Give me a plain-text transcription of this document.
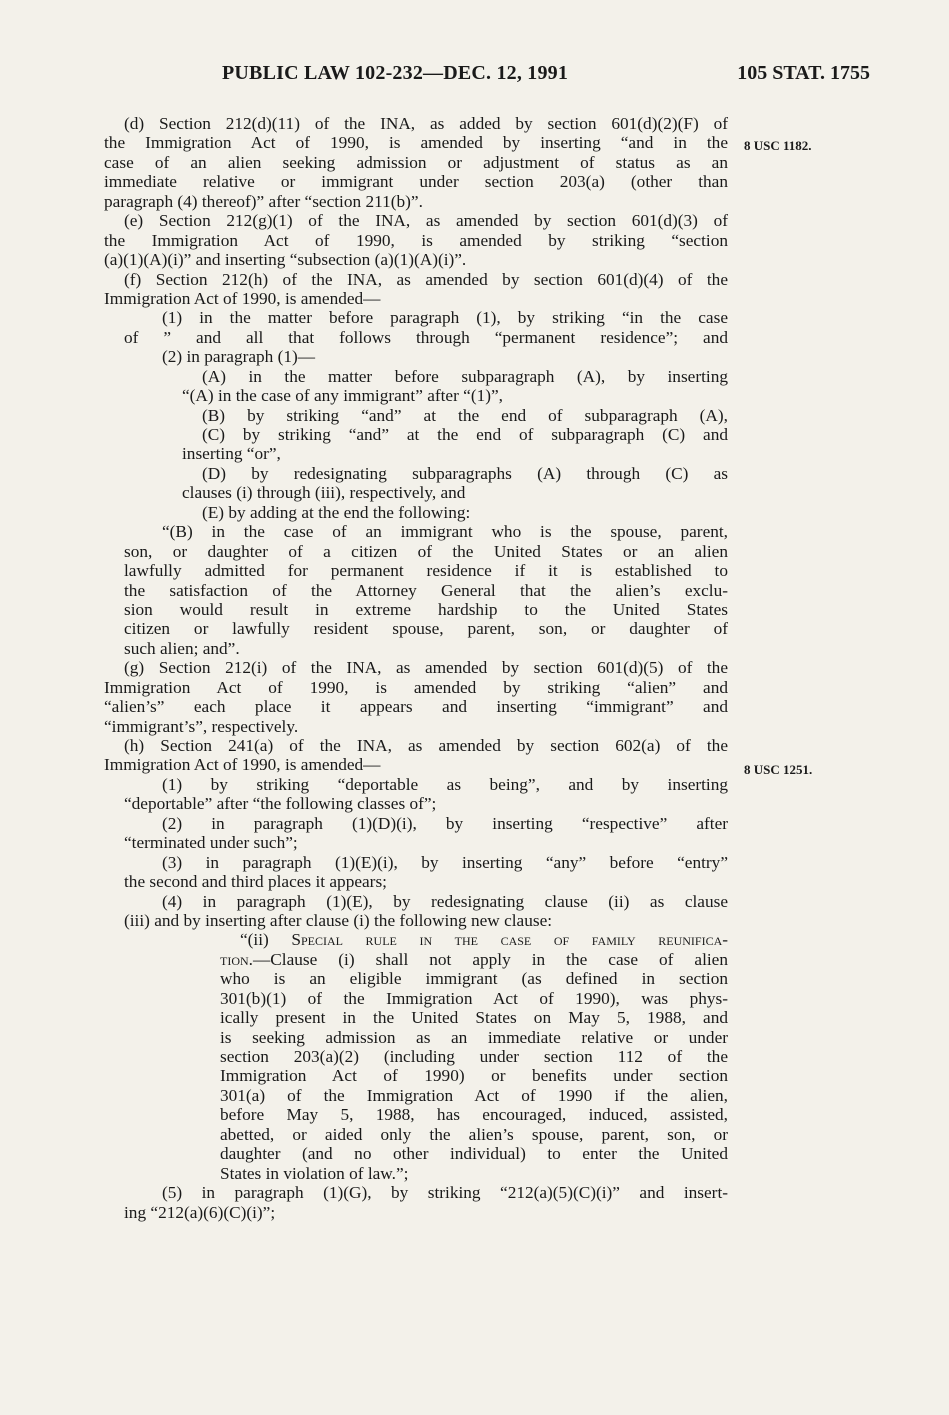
PUBLIC LAW 102-232—DEC. 12, 1991	105 STAT. 1755
(d) Section 212(d)(11) of the INA, as added by section 601(d)(2)(F) of
the Immigration Act of 1990, is amended by inserting “and in the
case of an alien seeking admission or adjustment of status as an
immediate relative or immigrant under section 203(a) (other than
paragraph (4) thereof)” after “section 211(b)”.
(e) Section 212(g)(1) of the INA, as amended by section 601(d)(3) of
the Immigration Act of 1990, is amended by striking “section
(a)(1)(A)(i)” and inserting “subsection (a)(1)(A)(i)”.
(f) Section 212(h) of the INA, as amended by section 601(d)(4) of the
Immigration Act of 1990, is amended—
(1) in the matter before paragraph (1), by striking “in the case
of ” and all that follows through “permanent residence”; and
(2) in paragraph (1)—
(A) in the matter before subparagraph (A), by inserting
“(A) in the case of any immigrant” after “(1)”,
(B) by striking “and” at the end of subparagraph (A),
(C) by striking “and” at the end of subparagraph (C) and
inserting “or”,
(D) by redesignating subparagraphs (A) through (C) as
clauses (i) through (iii), respectively, and
(E) by adding at the end the following:
“(B) in the case of an immigrant who is the spouse, parent,
son, or daughter of a citizen of the United States or an alien
lawfully admitted for permanent residence if it is established to
the satisfaction of the Attorney General that the alien’s exclu-
sion would result in extreme hardship to the United States
citizen or lawfully resident spouse, parent, son, or daughter of
such alien; and”.
(g) Section 212(i) of the INA, as amended by section 601(d)(5) of the
Immigration Act of 1990, is amended by striking “alien” and
“alien’s” each place it appears and inserting “immigrant” and
“immigrant’s”, respectively.
(h) Section 241(a) of the INA, as amended by section 602(a) of the
Immigration Act of 1990, is amended—
(1) by striking “deportable as being”, and by inserting
“deportable” after “the following classes of”;
(2) in paragraph (1)(D)(i), by inserting “respective” after
“terminated under such”;
(3) in paragraph (1)(E)(i), by inserting “any” before “entry”
the second and third places it appears;
(4) in paragraph (1)(E), by redesignating clause (ii) as clause
(iii) and by inserting after clause (i) the following new clause:
“(ii) Special rule in the case of family reunifica-
tion.—Clause (i) shall not apply in the case of alien
who is an eligible immigrant (as defined in section
301(b)(1) of the Immigration Act of 1990), was phys-
ically present in the United States on May 5, 1988, and
is seeking admission as an immediate relative or under
section 203(a)(2) (including under section 112 of the
Immigration Act of 1990) or benefits under section
301(a) of the Immigration Act of 1990 if the alien,
before May 5, 1988, has encouraged, induced, assisted,
abetted, or aided only the alien’s spouse, parent, son, or
daughter (and no other individual) to enter the United
States in violation of law.”;
(5) in paragraph (1)(G), by striking “212(a)(5)(C)(i)” and insert-
ing “212(a)(6)(C)(i)”;
8 USC 1182.
8 USC 1251.
